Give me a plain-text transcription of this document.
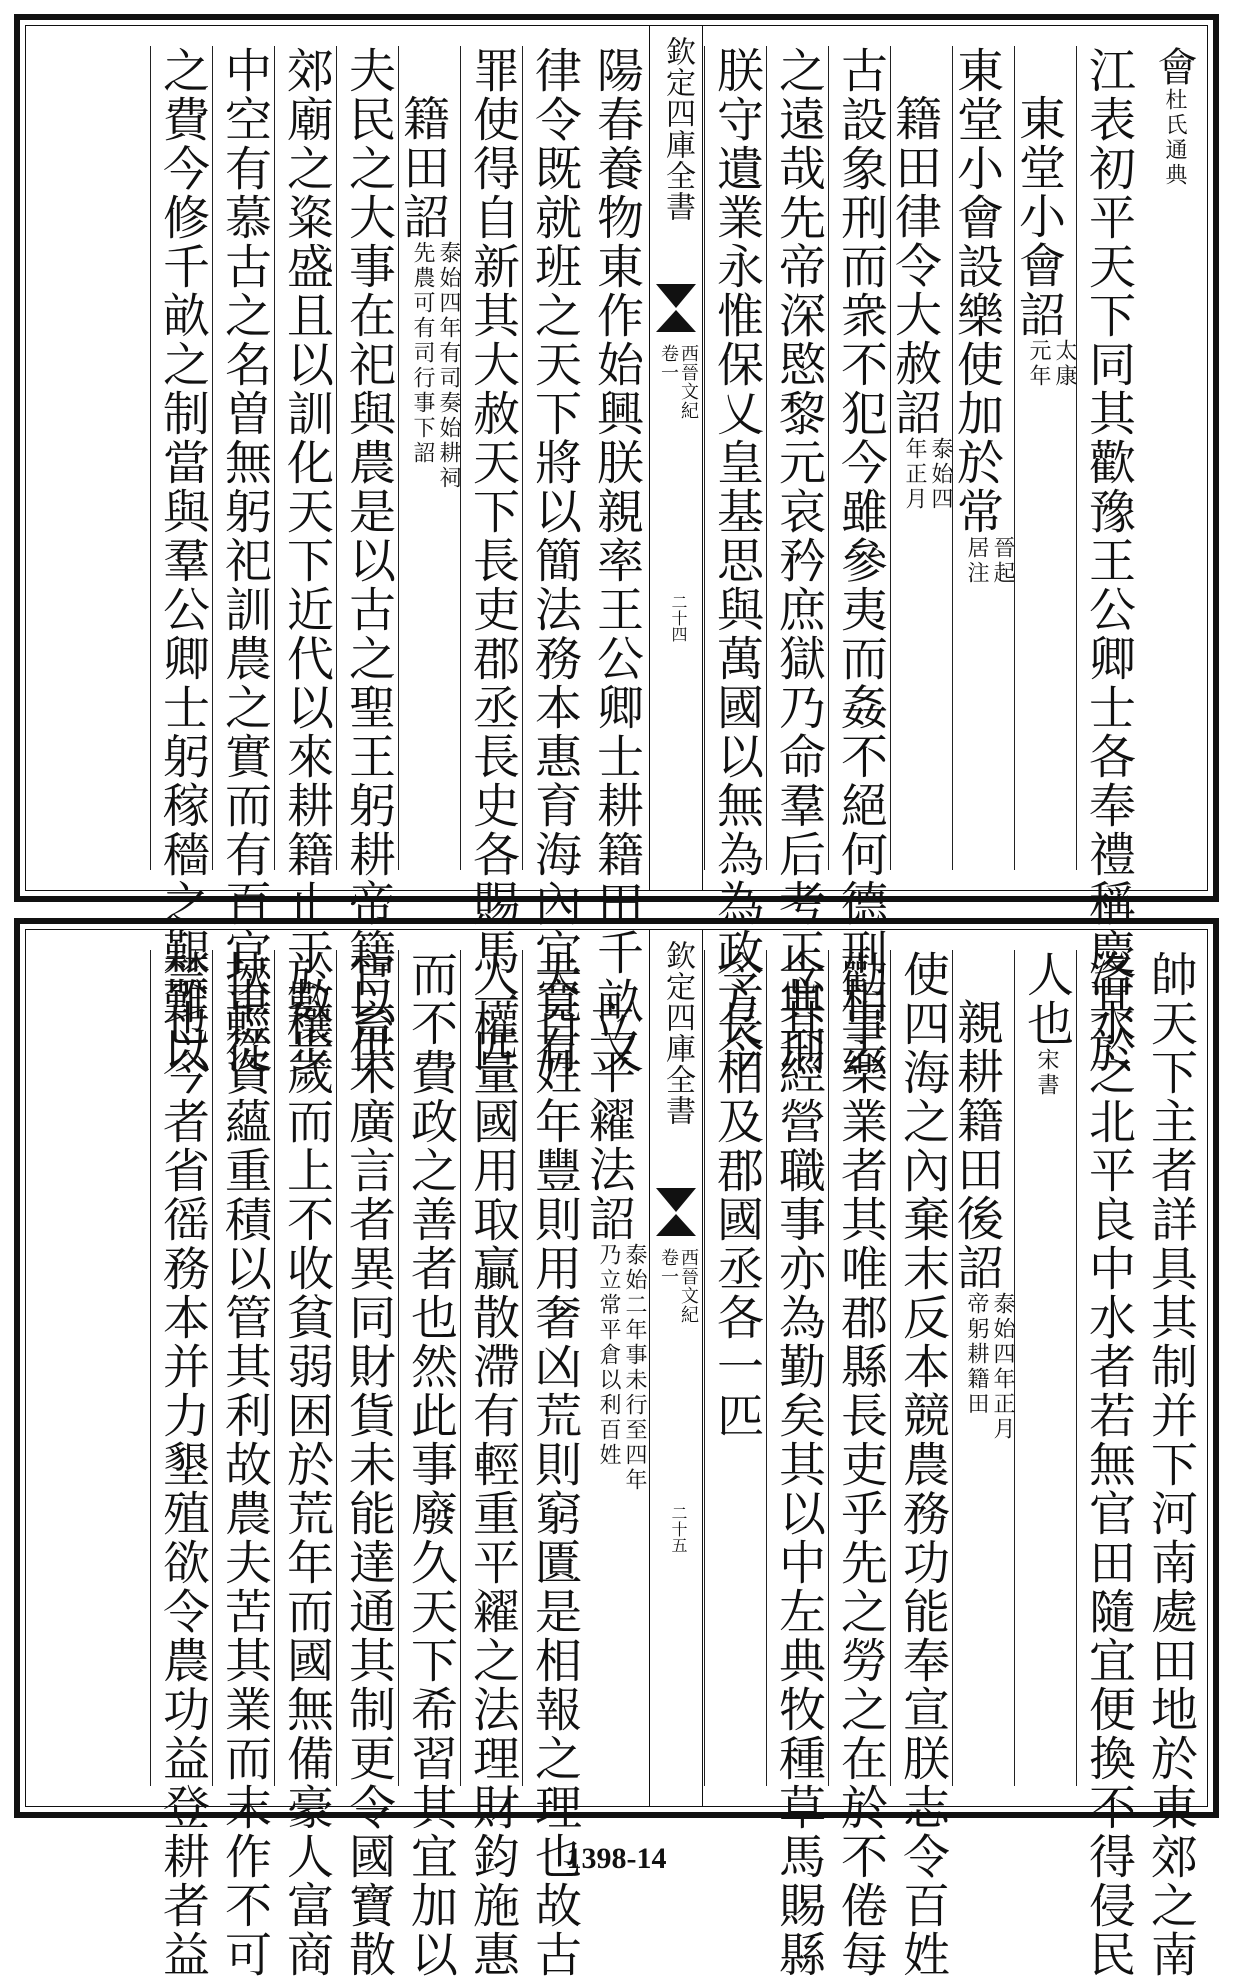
會杜氏通典
江表初平天下同其歡豫王公卿士各奉禮稱慶其於
東堂小會詔太康
元年
東堂小會設樂使加於常晉起
居注
籍田律令大赦詔泰始四
年正月
古設象刑而衆不犯今雖參夷而姦不絕何德刑相去
之遠哉先帝深愍黎元哀矜庶獄乃命羣后考正典刑
朕守遺業永惟保乂皇基思與萬國以無為為政方今
欽定四庫全書
西晉文紀
卷一
二十四
陽春養物東作始興朕親率王公卿士耕籍田千畝又
律令既就班之天下將以簡法務本惠育海內宜寬有
罪使得自新其大赦天下長吏郡丞長史各賜馬一匹
籍田詔泰始四年有司奏始耕祠
先農可有司行事下詔
夫民之大事在祀與農是以古之聖王躬耕帝籍以供
郊廟之粢盛且以訓化天下近代以來耕籍止于數步
中空有慕古之名曽無躬祀訓農之實而有百官車從
之費今修千畝之制當與羣公卿士躬稼穡之艱難以
帥天下主者詳具其制并下河南處田地於東郊之南
洛水之北平良中水者若無官田隨宜便換不得侵民
人也宋書
親耕籍田後詔泰始四年正月
帝躬耕籍田
使四海之內棄末反本競農務功能奉宣朕志令百姓
勸事樂業者其唯郡縣長吏乎先之勞之在於不倦每
念其經營職事亦為勤矣其以中左典牧種草馬賜縣
令長相及郡國丞各一匹
欽定四庫全書
西晉文紀
卷一
二十五
立平糴法詔泰始二年事未行至四年
乃立常平倉以利百姓
夫百姓年豐則用奢凶荒則窮匱是相報之理也故古
人權量國用取贏散滯有輕重平糴之法理財鈞施惠
而不費政之善者也然此事廢久天下希習其宜加以
官畜未廣言者異同財貨未能達通其制更令國寶散
於穰歲而上不收貧弱困於荒年而國無備豪人富商
挾輕資蘊重積以管其利故農夫苦其業而末作不可
禁也今者省徭務本并力墾殖欲令農功益登耕者益	1398-14
